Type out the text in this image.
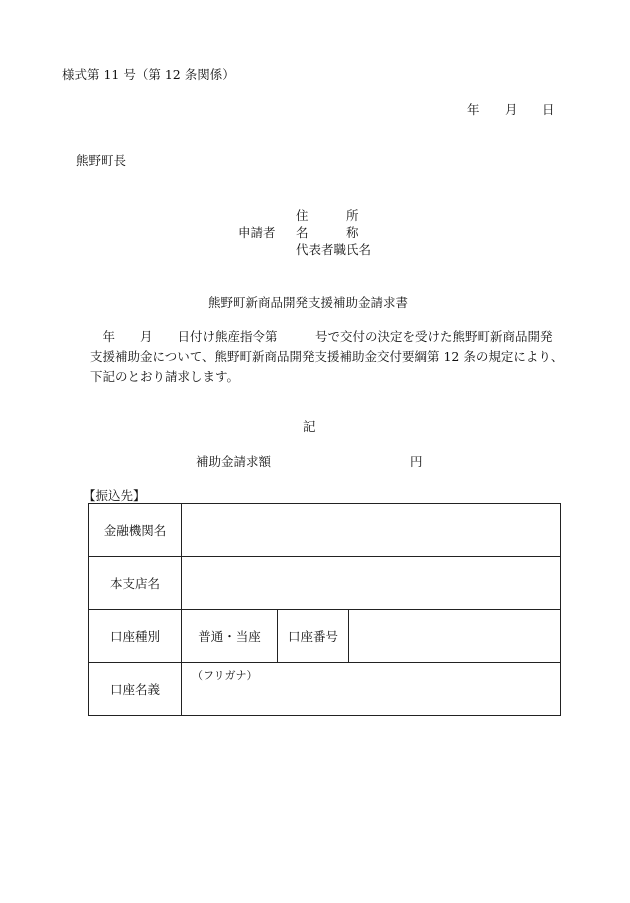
様式第 11 号（第 12 条関係）
年 月 日
熊野町長
住　　　所
申請者 名　　　称
代表者職氏名
熊野町新商品開発支援補助金請求書
　年　　月　　日付け熊産指令第　　　号で交付の決定を受けた熊野町新商品開発
支援補助金について、熊野町新商品開発支援補助金交付要綱第 12 条の規定により、
下記のとおり請求します。
記
補助金請求額	円
【振込先】
金融機関名			
本支店名			
口座種別	普通・当座	口座番号	
口座名義	（フリガナ）		
